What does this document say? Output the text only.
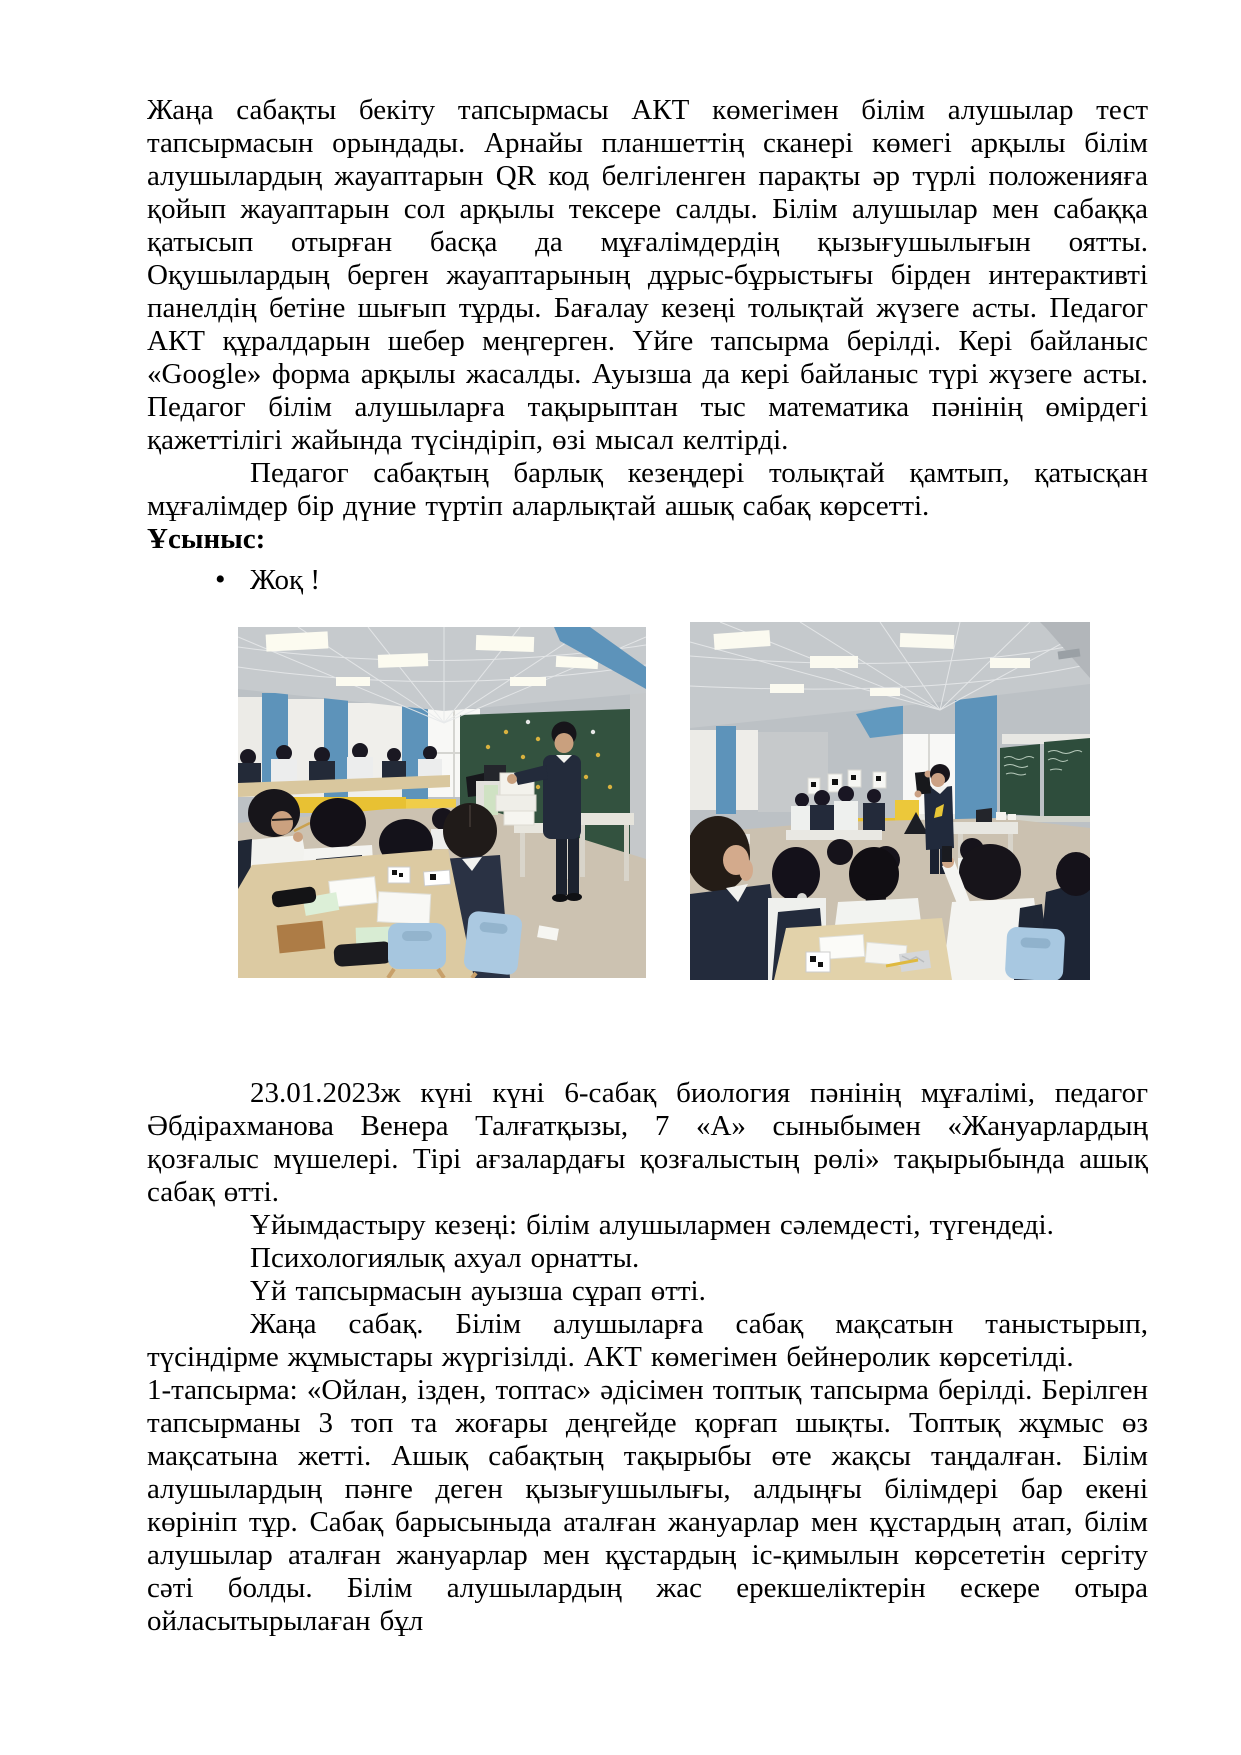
Жаңа сабақты бекіту тапсырмасы АКТ көмегімен білім алушылар тест тапсырмасын орындады. Арнайы планшеттің сканері көмегі арқылы білім алушылардың жауаптарын QR код белгіленген парақты әр түрлі положенияға қойып жауаптарын сол арқылы тексере салды. Білім алушылар мен сабаққа қатысып отырған басқа да мұғалімдердің қызығушылығын оятты. Оқушылардың берген жауаптарының дұрыс-бұрыстығы бірден интерактивті панелдің бетіне шығып тұрды. Бағалау кезеңі толықтай жүзеге асты. Педагог АКТ құралдарын шебер меңгерген. Үйге тапсырма берілді. Кері байланыс «Google» форма арқылы жасалды. Ауызша да кері байланыс түрі жүзеге асты. Педагог білім алушыларға тақырыптан тыс математика пәнінің өмірдегі қажеттілігі жайында түсіндіріп, өзі мысал келтірді.

Педагог сабақтың барлық кезеңдері толықтай қамтып, қатысқан мұғалімдер бір дүние түртіп аларлықтай ашық сабақ көрсетті.

Ұсыныс:

• Жоқ !

23.01.2023ж күні күні 6-сабақ биология пәнінің мұғалімі, педагог Әбдірахманова Венера Талғатқызы, 7 «А» сыныбымен «Жануарлардың қозғалыс мүшелері. Тірі ағзалардағы қозғалыстың рөлі» тақырыбында ашық сабақ өтті.

Ұйымдастыру кезеңі: білім алушылармен сәлемдесті, түгендеді.

Психологиялық ахуал орнатты.

Үй тапсырмасын ауызша сұрап өтті.

Жаңа сабақ. Білім алушыларға сабақ мақсатын таныстырып, түсіндірме жұмыстары жүргізілді. АКТ көмегімен бейнеролик көрсетілді.

1-тапсырма: «Ойлан, ізден, топтас» әдісімен топтық тапсырма берілді. Берілген тапсырманы 3 топ та жоғары деңгейде қорғап шықты. Топтық жұмыс өз мақсатына жетті. Ашық сабақтың тақырыбы өте жақсы таңдалған. Білім алушылардың пәнге деген қызығушылығы, алдыңғы білімдері бар екені көрініп тұр. Сабақ барысыныда аталған жануарлар мен құстардың атап, білім алушылар аталған жануарлар мен құстардың іс-қимылын көрсететін сергіту сәті болды. Білім алушылардың жас ерекшеліктерін ескере отыра ойласытырылаған бұл
